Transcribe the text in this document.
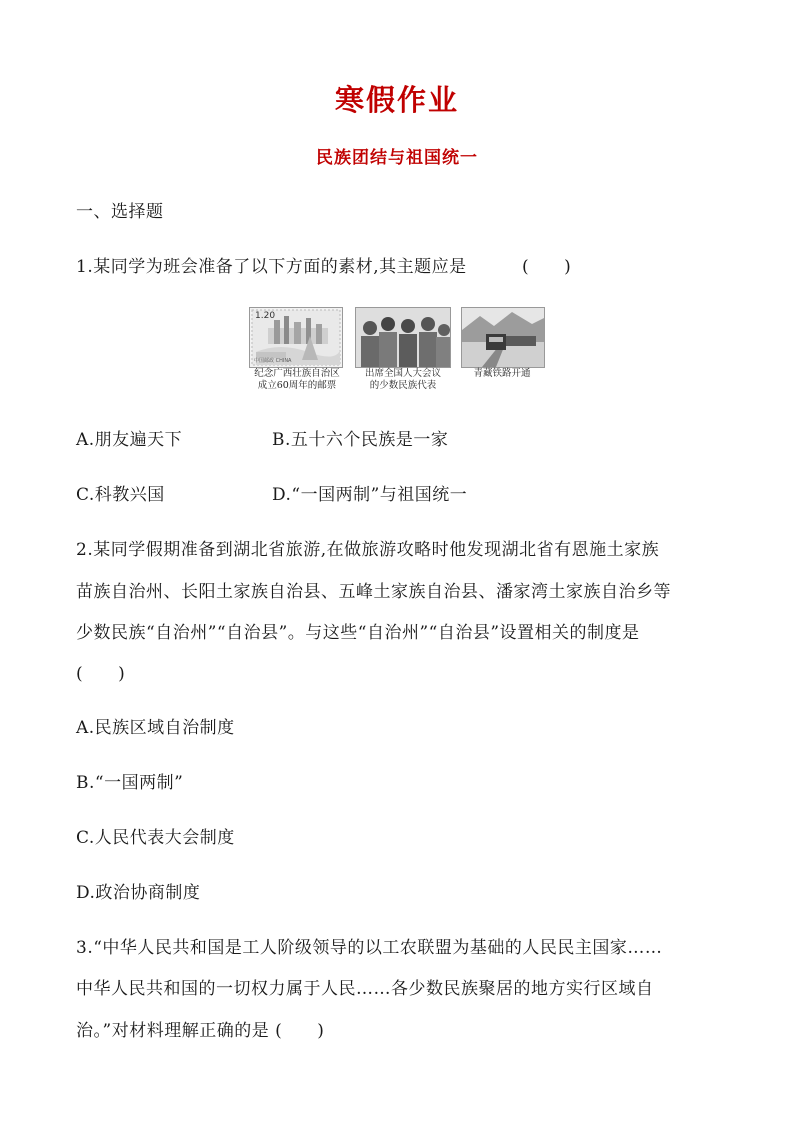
寒假作业
民族团结与祖国统一
一、选择题
1.某同学为班会准备了以下方面的素材,其主题应是	(　　)
1.20
中国邮政 CHINA
纪念广西壮族自治区
成立60周年的邮票
出席全国人大会议
的少数民族代表
青藏铁路开通
A.朋友遍天下	B.五十六个民族是一家
C.科教兴国	D.“一国两制”与祖国统一
2.某同学假期准备到湖北省旅游,在做旅游攻略时他发现湖北省有恩施土家族
苗族自治州、长阳土家族自治县、五峰土家族自治县、潘家湾土家族自治乡等
少数民族“自治州”“自治县”。与这些“自治州”“自治县”设置相关的制度是
(　　)
A.民族区域自治制度
B.“一国两制”
C.人民代表大会制度
D.政治协商制度
3.“中华人民共和国是工人阶级领导的以工农联盟为基础的人民民主国家……
中华人民共和国的一切权力属于人民……各少数民族聚居的地方实行区域自
治。”对材料理解正确的是 (　　)
